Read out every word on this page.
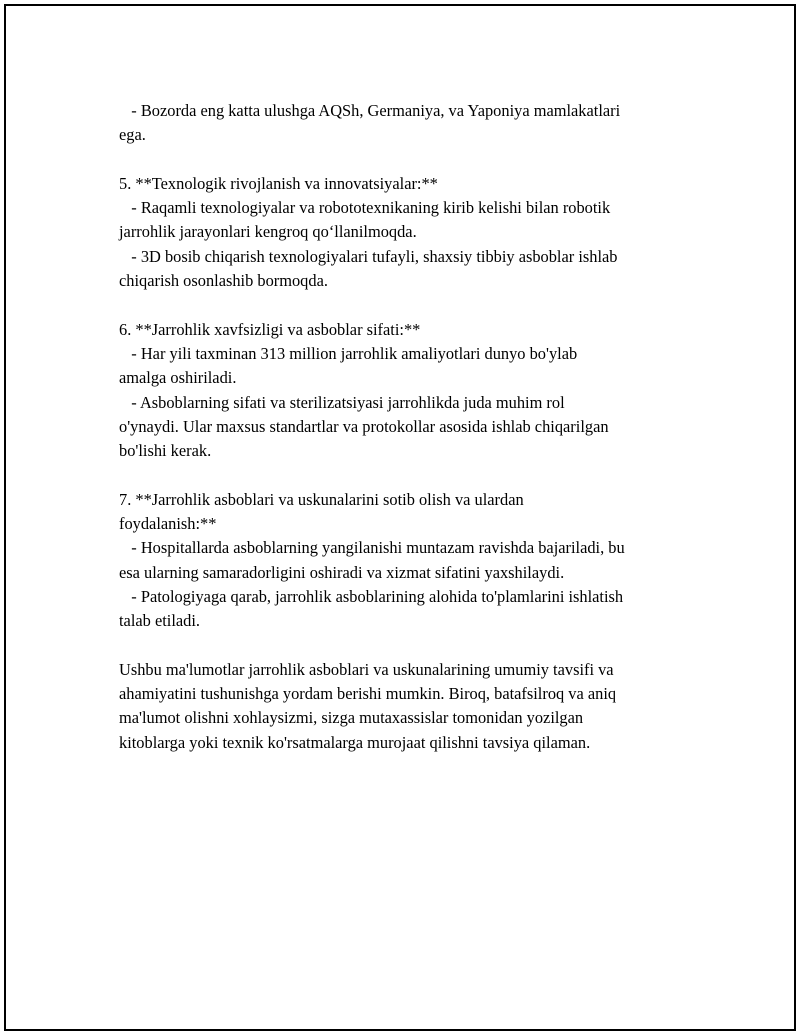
- Bozorda eng katta ulushga AQSh, Germaniya, va Yaponiya mamlakatlari
ega.
5. **Texnologik rivojlanish va innovatsiyalar:**
- Raqamli texnologiyalar va robototexnikaning kirib kelishi bilan robotik
jarrohlik jarayonlari kengroq qo‘llanilmoqda.
- 3D bosib chiqarish texnologiyalari tufayli, shaxsiy tibbiy asboblar ishlab
chiqarish osonlashib bormoqda.
6. **Jarrohlik xavfsizligi va asboblar sifati:**
- Har yili taxminan 313 million jarrohlik amaliyotlari dunyo bo'ylab
amalga oshiriladi.
- Asboblarning sifati va sterilizatsiyasi jarrohlikda juda muhim rol
o'ynaydi. Ular maxsus standartlar va protokollar asosida ishlab chiqarilgan
bo'lishi kerak.
7. **Jarrohlik asboblari va uskunalarini sotib olish va ulardan
foydalanish:**
- Hospitallarda asboblarning yangilanishi muntazam ravishda bajariladi, bu
esa ularning samaradorligini oshiradi va xizmat sifatini yaxshilaydi.
- Patologiyaga qarab, jarrohlik asboblarining alohida to'plamlarini ishlatish
talab etiladi.
Ushbu ma'lumotlar jarrohlik asboblari va uskunalarining umumiy tavsifi va
ahamiyatini tushunishga yordam berishi mumkin. Biroq, batafsilroq va aniq
ma'lumot olishni xohlaysizmi, sizga mutaxassislar tomonidan yozilgan
kitoblarga yoki texnik ko'rsatmalarga murojaat qilishni tavsiya qilaman.
